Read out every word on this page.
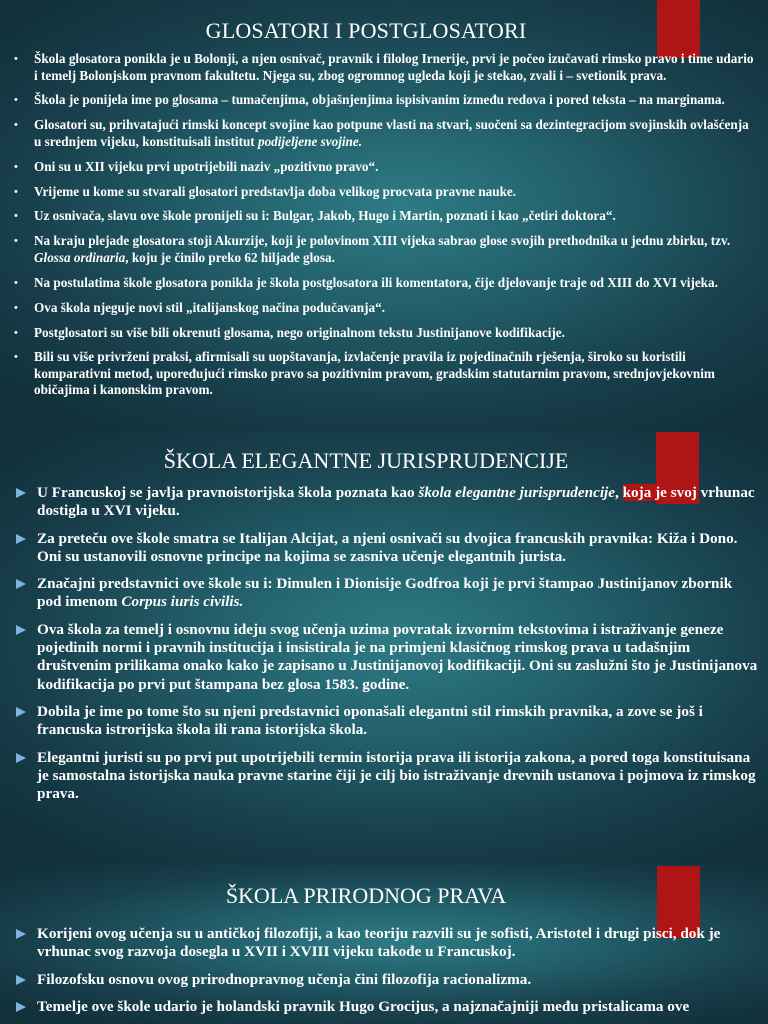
GLOSATORI I POSTGLOSATORI
• Škola glosatora ponikla je u Bolonji, a njen osnivač, pravnik i filolog Irnerije, prvi je počeo izučavati rimsko pravo i time udario i temelj Bolonjskom pravnom fakultetu. Njega su, zbog ogromnog ugleda koji je stekao, zvali i – svetionik prava.
• Škola je ponijela ime po glosama – tumačenjima, objašnjenjima ispisivanim između redova i pored teksta – na marginama.
• Glosatori su, prihvatajući rimski koncept svojine kao potpune vlasti na stvari, suočeni sa dezintegracijom svojinskih ovlašćenja u srednjem vijeku, konstituisali institut podijeljene svojine.
• Oni su u XII vijeku prvi upotrijebili naziv „pozitivno pravo“.
• Vrijeme u kome su stvarali glosatori predstavlja doba velikog procvata pravne nauke.
• Uz osnivača, slavu ove škole pronijeli su i: Bulgar, Jakob, Hugo i Martin, poznati i kao „četiri doktora“.
• Na kraju plejade glosatora stoji Akurzije, koji je polovinom XIII vijeka sabrao glose svojih prethodnika u jednu zbirku, tzv. Glossa ordinaria, koju je činilo preko 62 hiljade glosa.
• Na postulatima škole glosatora ponikla je škola postglosatora ili komentatora, čije djelovanje traje od XIII do XVI vijeka.
• Ova škola njeguje novi stil „italijanskog načina podučavanja“.
• Postglosatori su više bili okrenuti glosama, nego originalnom tekstu Justinijanove kodifikacije.
• Bili su više privrženi praksi, afirmisali su uopštavanja, izvlačenje pravila iz pojedinačnih rješenja, široko su koristili komparativni metod, upoređujući rimsko pravo sa pozitivnim pravom, gradskim statutarnim pravom, srednjovjekovnim običajima i kanonskim pravom.
ŠKOLA ELEGANTNE JURISPRUDENCIJE
U Francuskoj se javlja pravnoistorijska škola poznata kao škola elegantne jurisprudencije, koja je svoj vrhunac dostigla u XVI vijeku.
Za preteču ove škole smatra se Italijan Alcijat, a njeni osnivači su dvojica francuskih pravnika: Kiža i Dono. Oni su ustanovili osnovne principe na kojima se zasniva učenje elegantnih jurista.
Značajni predstavnici ove škole su i: Dimulen i Dionisije Godfroa koji je prvi štampao Justinijanov zbornik pod imenom Corpus iuris civilis.
Ova škola za temelj i osnovnu ideju svog učenja uzima povratak izvornim tekstovima i istraživanje geneze pojedinih normi i pravnih institucija i insistirala je na primjeni klasičnog rimskog prava u tadašnjim društvenim prilikama onako kako je zapisano u Justinijanovoj kodifikaciji. Oni su zaslužni što je Justinijanova kodifikacija po prvi put štampana bez glosa 1583. godine.
Dobila je ime po tome što su njeni predstavnici oponašali elegantni stil rimskih pravnika, a zove se još i francuska istrorijska škola ili rana istorijska škola.
Elegantni juristi su po prvi put upotrijebili termin istorija prava ili istorija zakona, a pored toga konstituisana je samostalna istorijska nauka pravne starine čiji je cilj bio istraživanje drevnih ustanova i pojmova iz rimskog prava.
ŠKOLA PRIRODNOG PRAVA
Korijeni ovog učenja su u antičkoj filozofiji, a kao teoriju razvili su je sofisti, Aristotel i drugi pisci, dok je vrhunac svog razvoja dosegla u XVII i XVIII vijeku takođe u Francuskoj.
Filozofsku osnovu ovog prirodnopravnog učenja čini filozofija racionalizma.
Temelje ove škole udario je holandski pravnik Hugo Grocijus, a najznačajniji među pristalicama ove
